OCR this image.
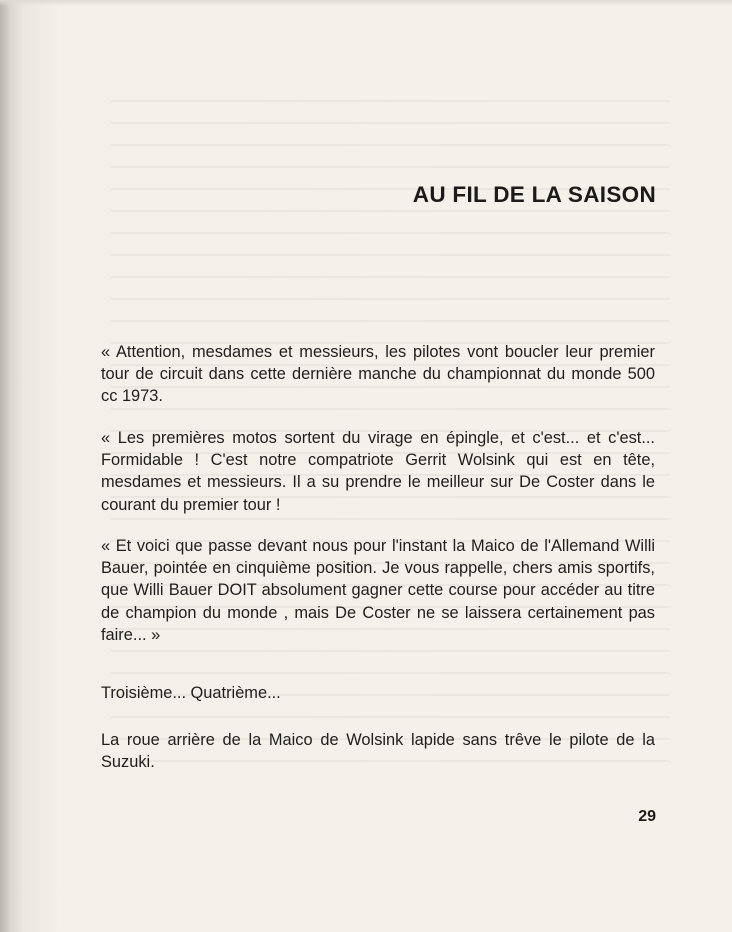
AU FIL DE LA SAISON

« Attention, mesdames et messieurs, les pilotes vont boucler leur premier tour de circuit dans cette dernière manche du championnat du monde 500 cc 1973.

« Les premières motos sortent du virage en épingle, et c'est... et c'est... Formidable ! C'est notre compatriote Gerrit Wolsink qui est en tête, mesdames et messieurs. Il a su prendre le meilleur sur De Coster dans le courant du premier tour !

« Et voici que passe devant nous pour l'instant la Maico de l'Allemand Willi Bauer, pointée en cinquième position. Je vous rappelle, chers amis sportifs, que Willi Bauer DOIT absolument gagner cette course pour accéder au titre de champion du monde , mais De Coster ne se laissera certainement pas faire... »

Troisième... Quatrième...

La roue arrière de la Maico de Wolsink lapide sans trêve le pilote de la Suzuki.

29
